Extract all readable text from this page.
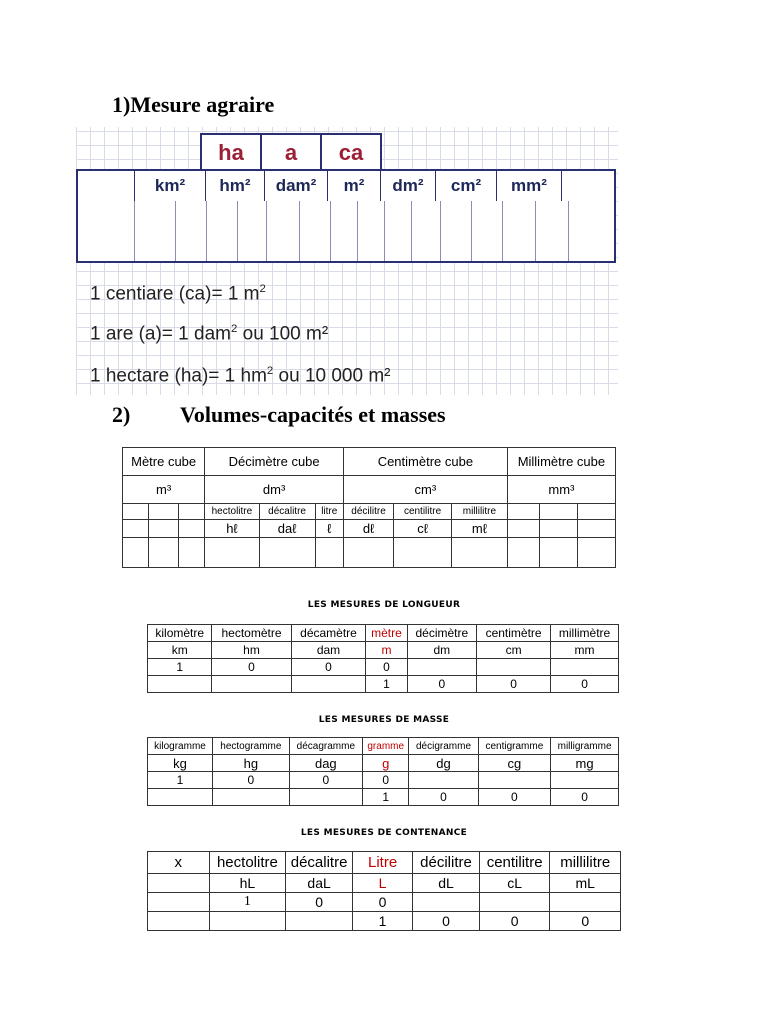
1)Mesure agraire
ha	a	ca
km²	hm²	dam²	m²	dm²	cm²	mm²
1 centiare (ca)= 1 $m^2$
1 are (a)= 1 dam$^2$ ou 100 m²
1 hectare (ha)= 1 $hm^2$ ou 10 000 m²
2) Volumes-capacités et masses
Mètre cube			Décimètre cube			Centimètre cube			Millimètre cube		
m³			dm³			cm³			mm³		
			hectolitre	décalitre	litre	décilitre	centilitre	millilitre			
			hℓ	daℓ	ℓ	dℓ	cℓ	mℓ			

LES MESURES DE LONGUEUR
kilomètre	hectomètre	décamètre	mètre	décimètre	centimètre	millimètre
km	hm	dam	m	dm	cm	mm
1	0	0	0			
			1	0	0	0
LES MESURES DE MASSE
kilogramme	hectogramme	décagramme	gramme	décigramme	centigramme	milligramme
kg	hg	dag	g	dg	cg	mg
1	0	0	0			
			1	0	0	0
LES MESURES DE CONTENANCE
x	hectolitre	décalitre	Litre	décilitre	centilitre	millilitre
	hL	daL	L	dL	cL	mL
	1	0	0			
			1	0	0	0
